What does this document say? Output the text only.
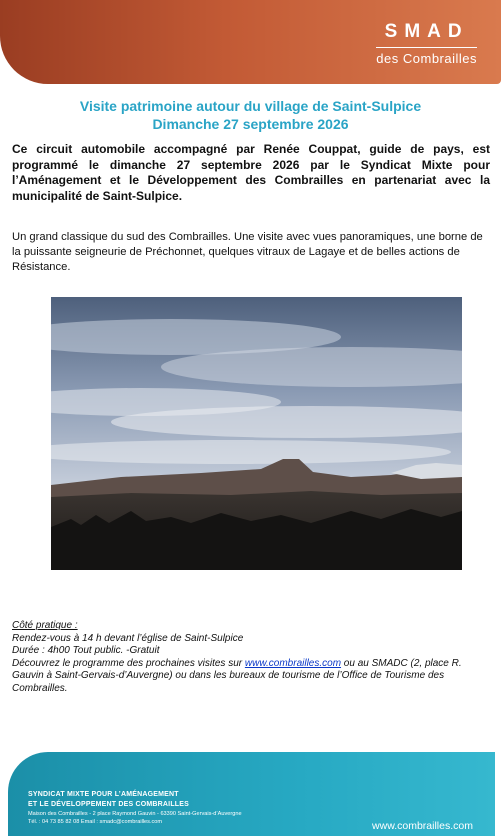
SMAD
des Combrailles
Visite patrimoine autour du village de Saint-Sulpice
Dimanche 27 septembre 2026
Ce circuit automobile accompagné par Renée Couppat, guide de pays, est programmé le dimanche 27 septembre 2026 par le Syndicat Mixte pour l’Aménagement et le Développement des Combrailles en partenariat avec la municipalité de Saint-Sulpice.
Un grand classique du sud des Combrailles. Une visite avec vues panoramiques, une borne de la puissante seigneurie de Préchonnet, quelques vitraux de Lagaye et de belles actions de Résistance.
Côté pratique :
Rendez-vous à 14 h devant l’église de Saint-Sulpice
Durée : 4h00 Tout public. -Gratuit
Découvrez le programme des prochaines visites sur www.combrailles.com ou au SMADC (2, place R. Gauvin à Saint-Gervais-d’Auvergne) ou dans les bureaux de tourisme de l’Office de Tourisme des Combrailles.
SYNDICAT MIXTE POUR L’AMÉNAGEMENT
ET LE DÉVELOPPEMENT DES COMBRAILLES
Maison des Combrailles - 2 place Raymond Gauvin - 63390 Saint-Gervais-d’Auvergne
Tél. : 04 73 85 82 08 Email : smadc@combrailles.com	www.combrailles.com
